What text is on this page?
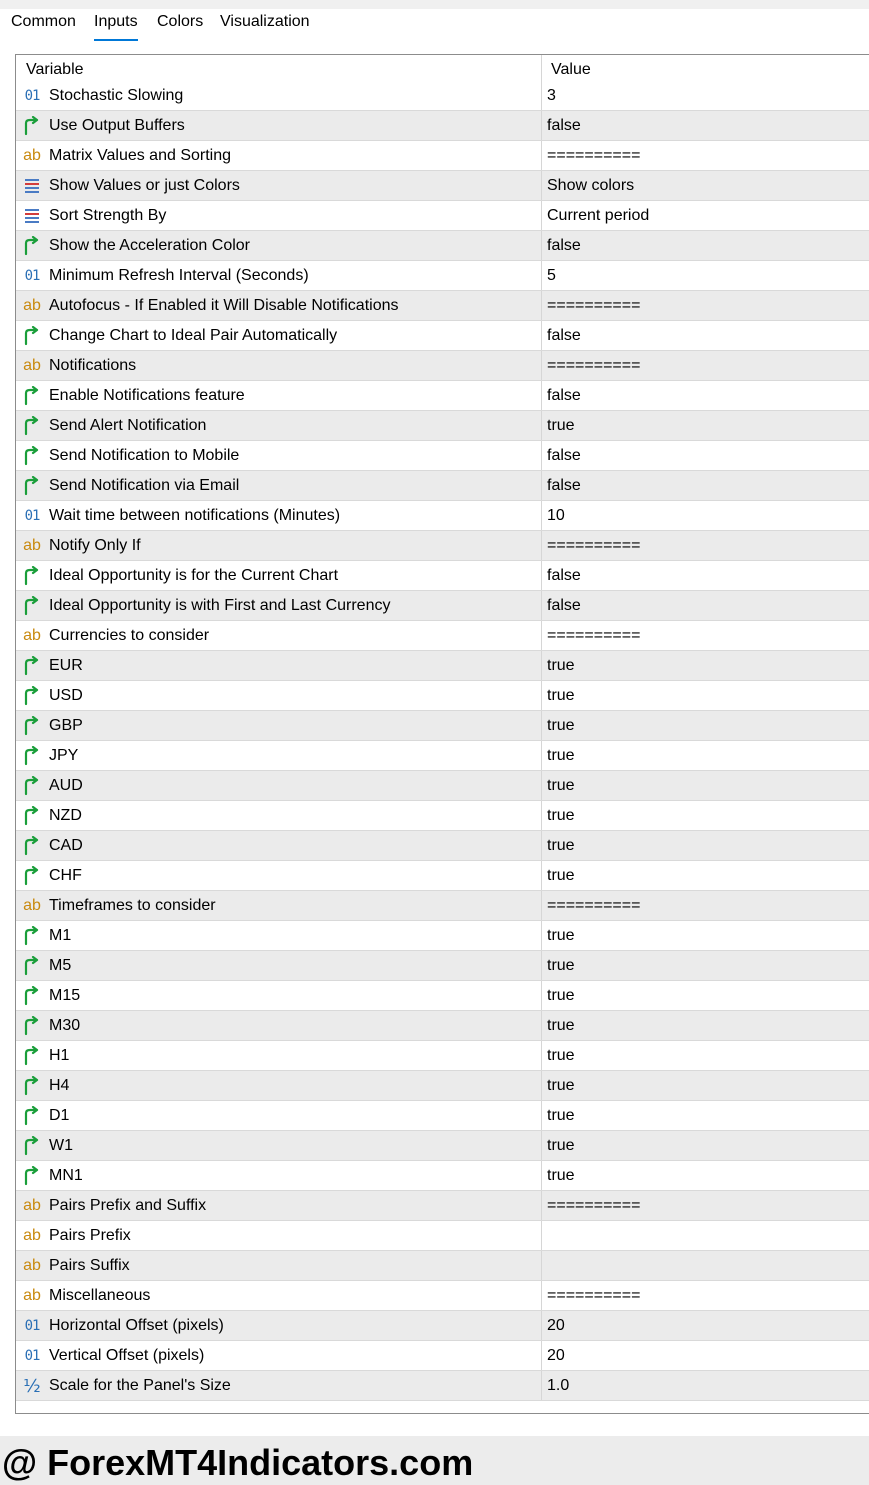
Common Inputs Colors Visualization
Variable	Value
01 Stochastic Slowing	3
Use Output Buffers	false
ab Matrix Values and Sorting	==========
Show Values or just Colors	Show colors
Sort Strength By	Current period
Show the Acceleration Color	false
01 Minimum Refresh Interval (Seconds)	5
ab Autofocus - If Enabled it Will Disable Notifications	==========
Change Chart to Ideal Pair Automatically	false
ab Notifications	==========
Enable Notifications feature	false
Send Alert Notification	true
Send Notification to Mobile	false
Send Notification via Email	false
01 Wait time between notifications (Minutes)	10
ab Notify Only If	==========
Ideal Opportunity is for the Current Chart	false
Ideal Opportunity is with First and Last Currency	false
ab Currencies to consider	==========
EUR	true
USD	true
GBP	true
JPY	true
AUD	true
NZD	true
CAD	true
CHF	true
ab Timeframes to consider	==========
M1	true
M5	true
M15	true
M30	true
H1	true
H4	true
D1	true
W1	true
MN1	true
ab Pairs Prefix and Suffix	==========
ab Pairs Prefix
ab Pairs Suffix
ab Miscellaneous	==========
01 Horizontal Offset (pixels)	20
01 Vertical Offset (pixels)	20
½ Scale for the Panel's Size	1.0
@ ForexMT4Indicators.com
